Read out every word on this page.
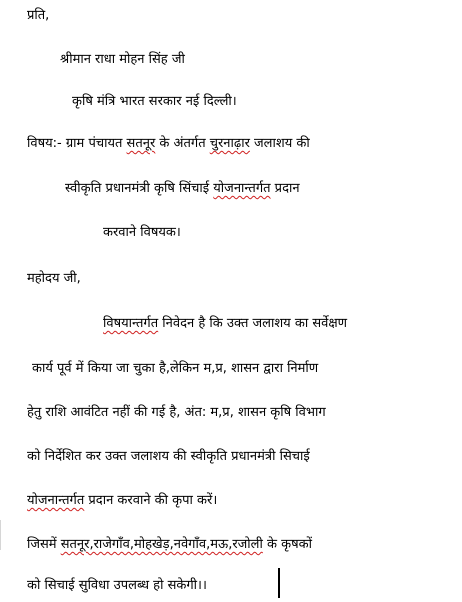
प्रति,
श्रीमान राधा मोहन सिंह जी
कृषि मंत्रि भारत सरकार नई दिल्ली।
विषय:- ग्राम पंचायत सतनूर के अंतर्गत चुरनाढ़ार जलाशय की
स्वीकृति प्रधानमंत्री कृषि सिंचाई योजनान्तर्गत प्रदान
करवाने विषयक।
महोदय जी,
विषयान्तर्गत निवेदन है कि उक्त जलाशय का सर्वेक्षण
कार्य पूर्व में किया जा चुका है,लेकिन म,प्र, शासन द्वारा निर्माण
हेतु राशि आवंटित नहीं की गई है, अंत: म,प्र, शासन कृषि विभाग
को निर्देशित कर उक्त जलाशय की स्वीकृति प्रधानमंत्री सिचाई
योजनान्तर्गत प्रदान करवाने की कृपा करें।
जिसमें सतनूर,राजेगाँव,मोहखेड़,नवेगाँव,मऊ,रजोली के कृषकों
को सिचाई सुविधा उपलब्ध हो सकेगी।।
